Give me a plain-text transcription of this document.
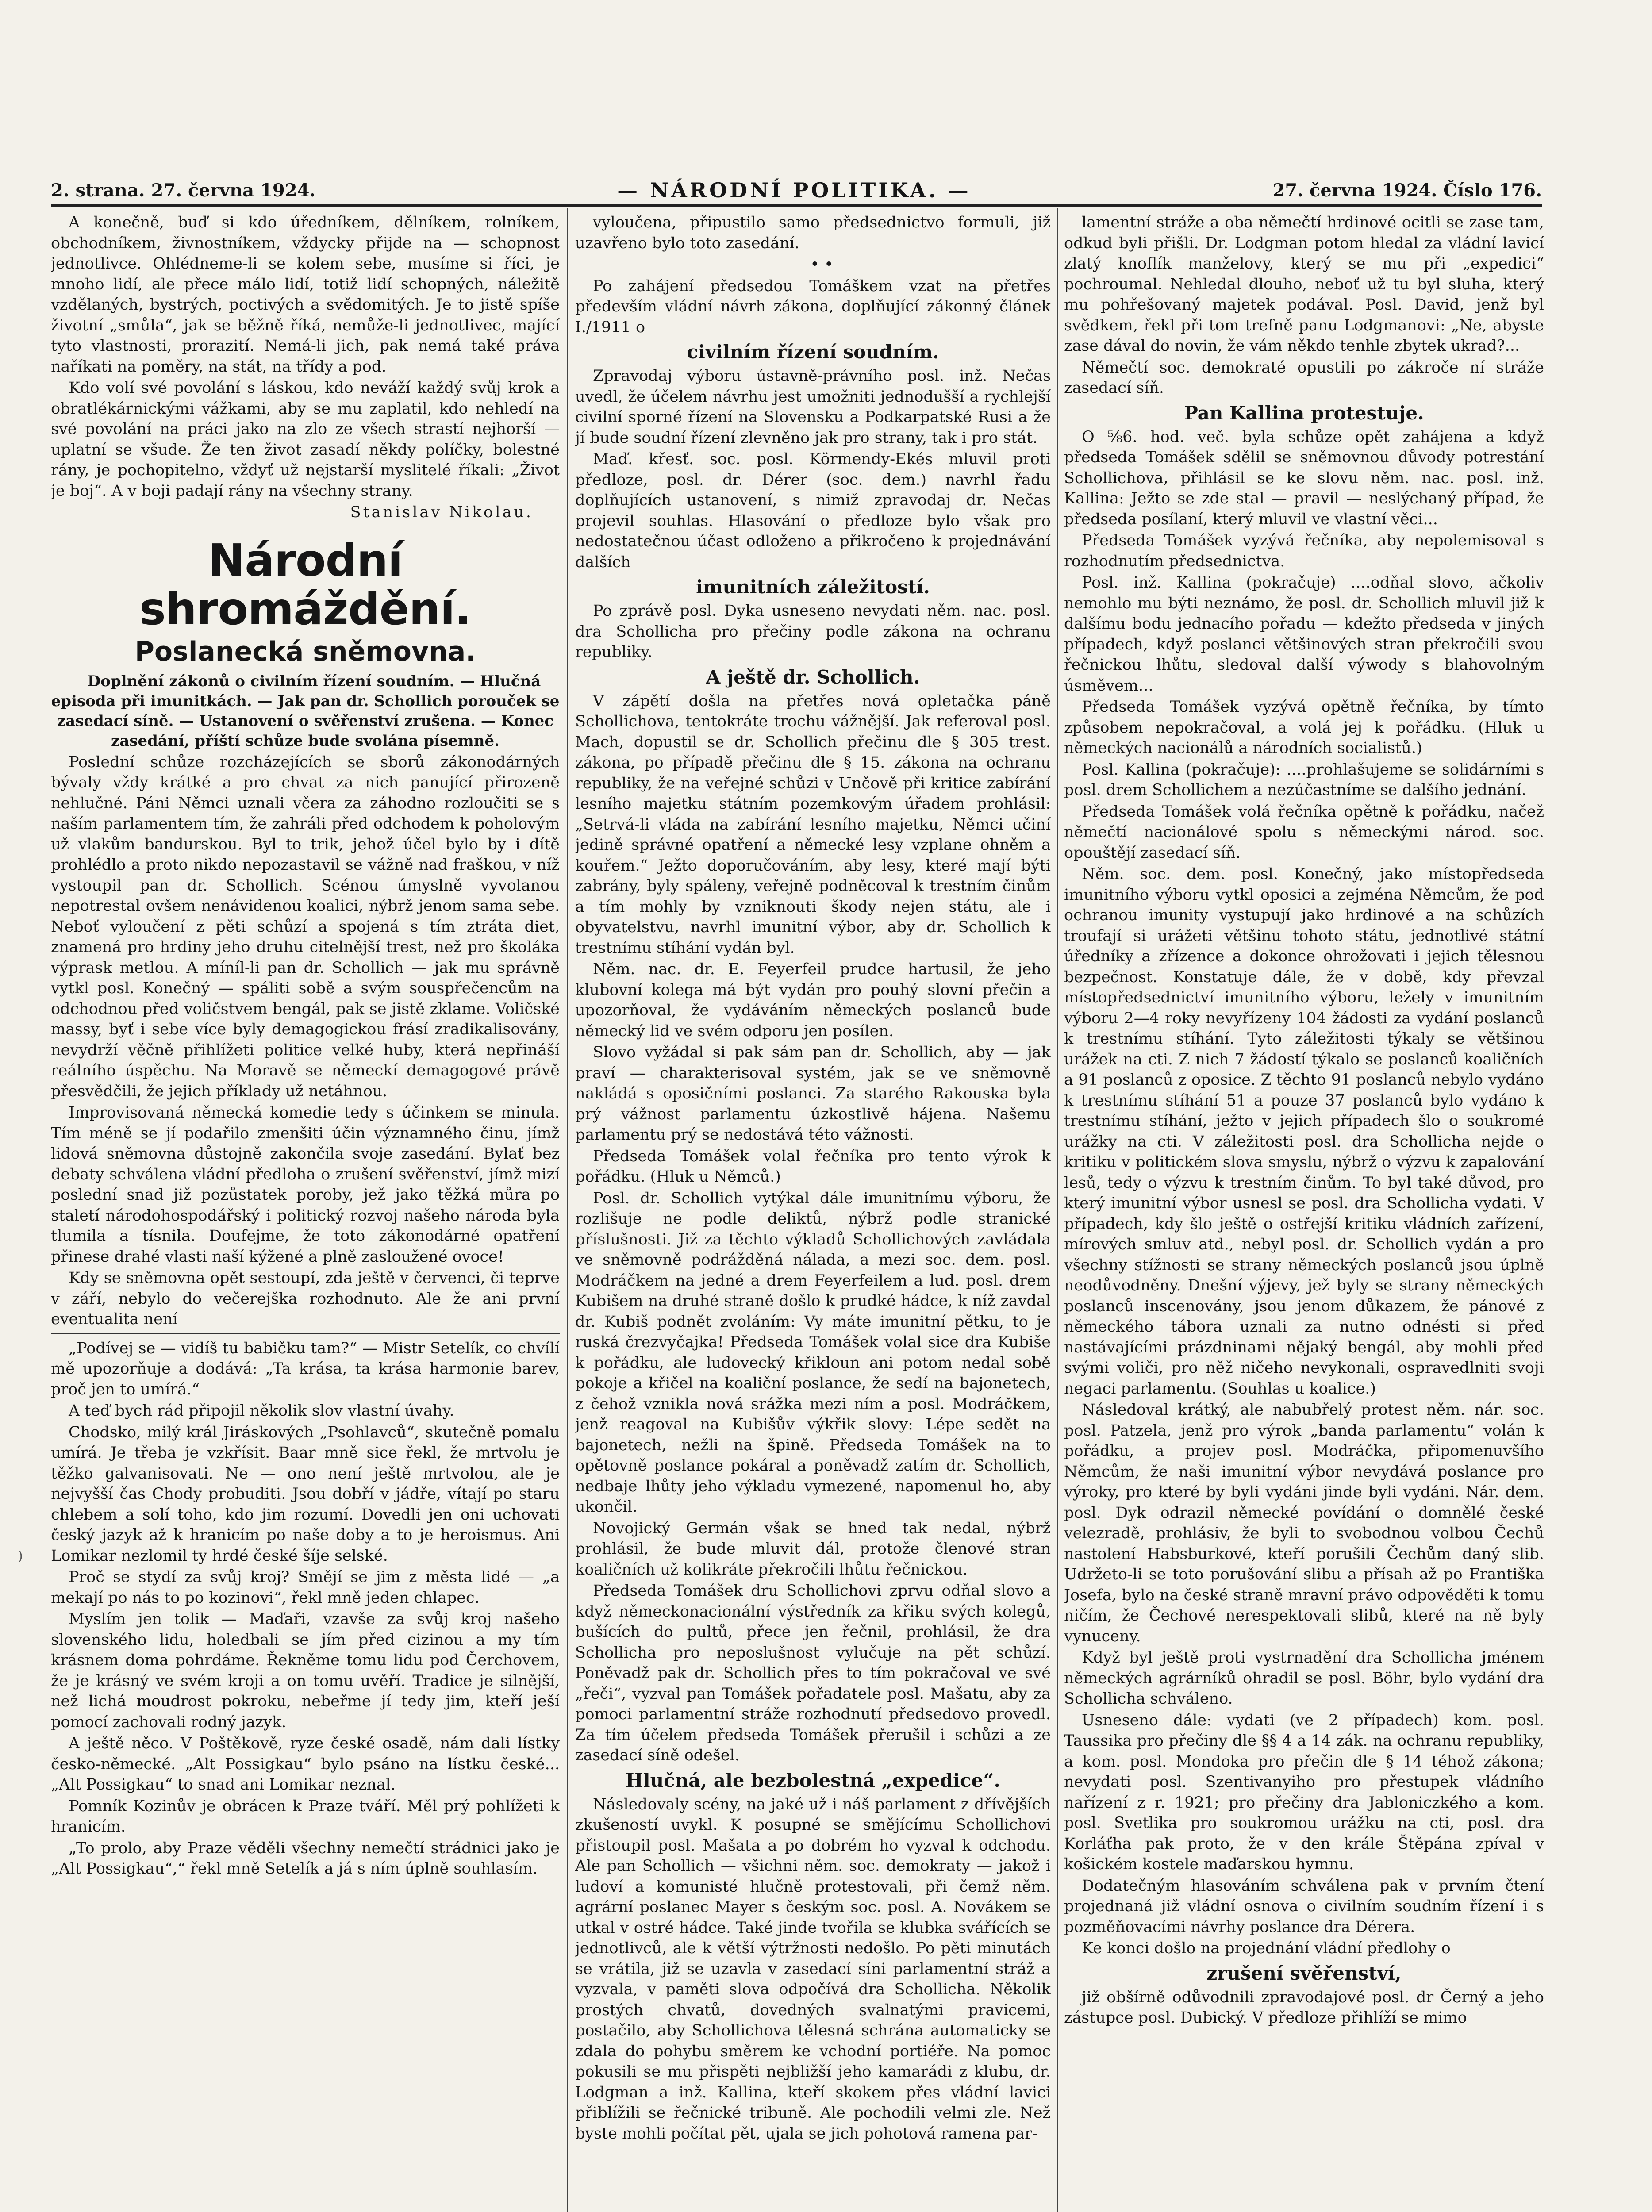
2. strana. 27. června 1924.	— NÁRODNÍ POLITIKA. —	27. června 1924. Číslo 176.
)

A konečně, buď si kdo úředníkem, dělníkem, rolníkem, obchodníkem, živnostníkem, vždycky přijde na — schopnost jednotlivce. Ohlédneme-li se kolem sebe, musíme si říci, je mnoho lidí, ale přece málo lidí, totiž lidí schopných, náležitě vzdělaných, bystrých, poctivých a svědomitých. Je to jistě spíše životní „smůla“, jak se běžně říká, nemůže-li jednotlivec, mající tyto vlastnosti, prorazití. Nemá-li jich, pak nemá také práva naříkati na poměry, na stát, na třídy a pod.

Kdo volí své povolání s láskou, kdo neváží každý svůj krok a obratlékárnickými vážkami, aby se mu zaplatil, kdo nehledí na své povolání na práci jako na zlo ze všech strastí nejhorší — uplatní se všude. Že ten život zasadí někdy políčky, bolestné rány, je pochopitelno, vždyť už nejstarší myslitelé říkali: „Život je boj“. A v boji padají rány na všechny strany.

Stanislav Nikolau.

Národní shromáždění.
Poslanecká sněmovna.

Doplnění zákonů o civilním řízení soudním. — Hlučná episoda při imunitkách. — Jak pan dr. Schollich porouček se zasedací síně. — Ustanovení o svěřenství zrušena. — Konec zasedání, příští schůze bude svolána písemně.

Poslední schůze rozcházejících se sborů zákonodárných bývaly vždy krátké a pro chvat za nich panující přirozeně nehlučné. Páni Němci uznali včera za záhodno rozloučiti se s naším parlamentem tím, že zahráli před odchodem k poholovým už vlakům bandurskou. Byl to trik, jehož účel bylo by i dítě prohlédlo a proto nikdo nepozastavil se vážně nad fraškou, v níž vystoupil pan dr. Schollich. Scénou úmyslně vyvolanou nepotrestal ovšem nenávidenou koalici, nýbrž jenom sama sebe. Neboť vyloučení z pěti schůzí a spojená s tím ztráta diet, znamená pro hrdiny jeho druhu citelnější trest, než pro školáka výprask metlou. A míníl-li pan dr. Schollich — jak mu správně vytkl posl. Konečný — spáliti sobě a svým souspřečencům na odchodnou před voličstvem bengál, pak se jistě zklame. Voličské massy, byť i sebe více byly demagogickou frásí zradikalisovány, nevydrží věčně přihlížeti politice velké huby, která nepřináší reálního úspěchu. Na Moravě se německí demagogové právě přesvědčili, že jejich příklady už netáhnou.

Improvisovaná německá komedie tedy s účinkem se minula. Tím méně se jí podařilo zmenšiti účin významného činu, jímž lidová sněmovna důstojně zakončila svoje zasedání. Bylať bez debaty schválena vládní předloha o zrušení svěřenství, jímž mizí poslední snad již pozůstatek poroby, jež jako těžká můra po staletí národohospodářský i politický rozvoj našeho národa byla tlumila a tísnila. Doufejme, že toto zákonodárné opatření přinese drahé vlasti naší kýžené a plně zasloužené ovoce!

Kdy se sněmovna opět sestoupí, zda ještě v červenci, či teprve v září, nebylo do večerejška rozhodnuto. Ale že ani první eventualita není

„Podívej se — vidíš tu babičku tam?“ — Mistr Setelík, co chvílí mě upozorňuje a dodává: „Ta krása, ta krása harmonie barev, proč jen to umírá.“

A teď bych rád připojil několik slov vlastní úvahy.

Chodsko, milý král Jiráskových „Psohlavců“, skutečně pomalu umírá. Je třeba je vzkřísit. Baar mně sice řekl, že mrtvolu je těžko galvanisovati. Ne — ono není ještě mrtvolou, ale je nejvyšší čas Chody probuditi. Jsou dobří v jádře, vítají po staru chlebem a solí toho, kdo jim rozumí. Dovedli jen oni uchovati český jazyk až k hranicím po naše doby a to je heroismus. Ani Lomikar nezlomil ty hrdé české šíje selské.

Proč se stydí za svůj kroj? Smějí se jim z města lidé — „a mekají po nás to po kozinovi“, řekl mně jeden chlapec.

Myslím jen tolik — Maďaři, vzavše za svůj kroj našeho slovenského lidu, holedbali se jím před cizinou a my tím krásnem doma pohrdáme. Řekněme tomu lidu pod Čerchovem, že je krásný ve svém kroji a on tomu uvěří. Tradice je silnější, než lichá moudrost pokroku, nebeřme jí tedy jim, kteří ješí pomocí zachovali rodný jazyk.

A ještě něco. V Poštěkově, ryze české osadě, nám dali lístky česko-německé. „Alt Possigkau“ bylo psáno na lístku české... „Alt Possigkau“ to snad ani Lomikar neznal.

Pomník Kozinův je obrácen k Praze tváří. Měl prý pohlížeti k hranicím.

„To prolo, aby Praze věděli všechny nemečtí strádnici jako je „Alt Possigkau“,“ řekl mně Setelík a já s ním úplně souhlasím.

vyloučena, připustilo samo předsednictvo formuli, již uzavřeno bylo toto zasedání.

• •

Po zahájení předsedou Tomáškem vzat na přetřes především vládní návrh zákona, doplňující zákonný článek I./1911 o

civilním řízení soudním.

Zpravodaj výboru ústavně-právního posl. inž. Nečas uvedl, že účelem návrhu jest umožniti jednodušší a rychlejší civilní sporné řízení na Slovensku a Podkarpatské Rusi a že jí bude soudní řízení zlevněno jak pro strany, tak i pro stát.

Maď. křesť. soc. posl. Körmendy-Ekés mluvil proti předloze, posl. dr. Dérer (soc. dem.) navrhl řadu doplňujících ustanovení, s nimiž zpravodaj dr. Nečas projevil souhlas. Hlasování o předloze bylo však pro nedostatečnou účast odloženo a přikročeno k projednávání dalších

imunitních záležitostí.

Po zprávě posl. Dyka usneseno nevydati něm. nac. posl. dra Schollicha pro přečiny podle zákona na ochranu republiky.

A ještě dr. Schollich.

V zápětí došla na přetřes nová opletačka páně Schollichova, tentokráte trochu vážnější. Jak referoval posl. Mach, dopustil se dr. Schollich přečinu dle § 305 trest. zákona, po případě přečinu dle § 15. zákona na ochranu republiky, že na veřejné schůzi v Unčově při kritice zabírání lesního majetku státním pozemkovým úřadem prohlásil: „Setrvá-li vláda na zabírání lesního majetku, Němci učiní jedině správné opatření a německé lesy vzplane ohněm a kouřem.“ Ježto doporučováním, aby lesy, které mají býti zabrány, byly spáleny, veřejně podněcoval k trestním činům a tím mohly by vzniknouti škody nejen státu, ale i obyvatelstvu, navrhl imunitní výbor, aby dr. Schollich k trestnímu stíhání vydán byl.

Něm. nac. dr. E. Feyerfeil prudce hartusil, že jeho klubovní kolega má být vydán pro pouhý slovní přečin a upozorňoval, že vydáváním německých poslanců bude německý lid ve svém odporu jen posílen.

Slovo vyžádal si pak sám pan dr. Schollich, aby — jak praví — charakterisoval systém, jak se ve sněmovně nakládá s oposičními poslanci. Za starého Rakouska byla prý vážnost parlamentu úzkostlivě hájena. Našemu parlamentu prý se nedostává této vážnosti.

Předseda Tomášek volal řečníka pro tento výrok k pořádku. (Hluk u Němců.)

Posl. dr. Schollich vytýkal dále imunitnímu výboru, že rozlišuje ne podle deliktů, nýbrž podle stranické příslušnosti. Již za těchto výkladů Schollichových zavládala ve sněmovně podrážděná nálada, a mezi soc. dem. posl. Modráčkem na jedné a drem Feyerfeilem a lud. posl. drem Kubišem na druhé straně došlo k prudké hádce, k níž zavdal dr. Kubiš podnět zvoláním: Vy máte imunitní pětku, to je ruská črezvyčajka! Předseda Tomášek volal sice dra Kubiše k pořádku, ale ludovecký křiklоun ani potom nedal sobě pokoje a křičel na koaliční poslance, že sedí na bajonetech, z čehož vznikla nová srážka mezi ním a posl. Modráčkem, jenž reagoval na Kubišův výkřik slovy: Lépe sedět na bajonetech, nežli na špině. Předseda Tomášek na to opětovně poslance pokáral a poněvadž zatím dr. Schollich, nedbaje lhůty jeho výkladu vymezené, napomenul ho, aby ukončil.

Novojický Germán však se hned tak nedal, nýbrž prohlásil, že bude mluvit dál, protože členové stran koaličních už kolikráte překročili lhůtu řečnickou.

Předseda Tomášek dru Schollichovi zprvu odňal slovo a když německonacionální výstředník za křiku svých kolegů, bušících do pultů, přece jen řečnil, prohlásil, že dra Schollicha pro neposlušnost vylučuje na pět schůzí. Poněvadž pak dr. Schollich přes to tím pokračoval ve své „řeči“, vyzval pan Tomášek pořadatele posl. Mašatu, aby za pomoci parlamentní stráže rozhodnutí předsedovo provedl. Za tím účelem předseda Tomášek přerušil i schůzi a ze zasedací síně odešel.

Hlučná, ale bezbolestná „expedice“.

Následovaly scény, na jaké už i náš parlament z dřívějších zkušeností uvykl. K posupné se smějícímu Schollichovi přistoupil posl. Mašata a po dobrém ho vyzval k odchodu. Ale pan Schollich — všichni něm. soc. demokraty — jakož i ludoví a komunisté hlučně protestovali, při čemž něm. agrární poslanec Mayer s českým soc. posl. A. Novákem se utkal v ostré hádce. Také jinde tvořila se klubka svářících se jednotlivců, ale k větší výtržnosti nedošlo. Po pěti minutách se vrátila, již se uzavla v zasedací síni parlamentní stráž a vyzvala, v paměti slova odpočívá dra Schollicha. Několik prostých chvatů, dovedných svalnatými pravicemi, postačilo, aby Schollichova tělesná schrána automaticky se zdala do pohybu směrem ke vchodní portiéře. Na pomoc pokusili se mu přispěti nejbližší jeho kamarádi z klubu, dr. Lodgman a inž. Kallina, kteří skokem přes vládní lavici přiblížili se řečnické tribuně. Ale pochodili velmi zle. Než byste mohli počítat pět, ujala se jich pohotová ramena par-

lamentní stráže a oba němečtí hrdinové ocitli se zase tam, odkud byli přišli. Dr. Lodgman potom hledal za vládní lavicí zlatý knoflík manželovy, který se mu při „expedici“ pochroumal. Nehledal dlouho, neboť už tu byl sluha, který mu pohřešovaný majetek podával. Posl. David, jenž byl svědkem, řekl při tom trefně panu Lodgmanovi: „Ne, abyste zase dával do novin, že vám někdo tenhle zbytek ukrad?...

Němečtí soc. demokraté opustili po zákroče ní stráže zasedací síň.

Pan Kallina protestuje.

O ⅝6. hod. več. byla schůze opět zahájena a když předseda Tomášek sdělil se sněmovnou důvody potrestání Schollichova, přihlásil se ke slovu něm. nac. posl. inž. Kallina: Ježto se zde stal — pravil — neslýchaný případ, že předseda posílaní, který mluvil ve vlastní věci...

Předseda Tomášek vyzývá řečníka, aby nepolemisoval s rozhodnutím předsednictva.

Posl. inž. Kallina (pokračuje) ....odňal slovo, ačkoliv nemohlo mu býti neznámo, že posl. dr. Schollich mluvil již k dalšímu bodu jednacího pořadu — kdežto předseda v jiných případech, když poslanci většinových stran překročili svou řečnickou lhůtu, sledoval další výwody s blahovolným úsměvem...

Předseda Tomášek vyzývá opětně řečníka, by tímto způsobem nepokračoval, a volá jej k pořádku. (Hluk u německých nacionálů a národních socialistů.)

Posl. Kallina (pokračuje): ....prohlašujeme se solidárními s posl. drem Schollichem a nezúčastníme se dalšího jednání.

Předseda Tomášek volá řečníka opětně k pořádku, načež němečtí nacionálové spolu s německými národ. soc. opouštějí zasedací síň.

Něm. soc. dem. posl. Konečný, jako místopředseda imunitního výboru vytkl oposici a zejména Němcům, že pod ochranou imunity vystupují jako hrdinové a na schůzích troufají si urážeti většinu tohoto státu, jednotlivé státní úředníky a zřízence a dokonce ohrožovati i jejich tělesnou bezpečnost. Konstatuje dále, že v době, kdy převzal místopředsednictví imunitního výboru, ležely v imunitním výboru 2—4 roky nevyřízeny 104 žádosti za vydání poslanců k trestnímu stíhání. Tyto záležitosti týkaly se většinou urážek na cti. Z nich 7 žádostí týkalo se poslanců koaličních a 91 poslanců z oposice. Z těchto 91 poslanců nebylo vydáno k trestnímu stíhání 51 a pouze 37 poslanců bylo vydáno k trestnímu stíhání, ježto v jejich případech šlo o soukromé urážky na cti. V záležitosti posl. dra Schollicha nejde o kritiku v politickém slova smyslu, nýbrž o výzvu k zapalování lesů, tedy o výzvu k trestním činům. To byl také důvod, pro který imunitní výbor usnesl se posl. dra Schollicha vydati. V případech, kdy šlo ještě o ostřejší kritiku vládních zařízení, mírových smluv atd., nebyl posl. dr. Schollich vydán a pro všechny stížnosti se strany německých poslanců jsou úplně neodůvodněny. Dnešní výjevy, jež byly se strany německých poslanců inscenovány, jsou jenom důkazem, že pánové z německého tábora uznali za nutno odnésti si před nastávajícími prázdninami nějaký bengál, aby mohli před svými voliči, pro něž ničeho nevykonali, ospravedlniti svoji negaci parlamentu. (Souhlas u koalice.)

Následoval krátký, ale nabubřelý protest něm. nár. soc. posl. Patzela, jenž pro výrok „banda parlamentu“ volán k pořádku, a projev posl. Modráčka, připomenuvšího Němcům, že naši imunitní výbor nevydává poslance pro výroky, pro které by byli vydáni jinde byli vydáni. Nár. dem. posl. Dyk odrazil německé povídání o domnělé české velezradě, prohlásiv, že byli to svobodnou volbou Čechů nastolení Habsburkové, kteří porušili Čechům daný slib. Udržeto-li se toto porušování slibu a přísah až po Františka Josefa, bylo na české straně mravní právo odpověděti k tomu ničím, že Čechové nerespektovali slibů, které na ně byly vynuceny.

Když byl ještě proti vystrnadění dra Schollicha jménem německých agrárníků ohradil se posl. Böhr, bylo vydání dra Schollicha schváleno.

Usneseno dále: vydati (ve 2 případech) kom. posl. Taussika pro přečiny dle §§ 4 a 14 zák. na ochranu republiky, a kom. posl. Mondoka pro přečin dle § 14 téhož zákona; nevydati posl. Szentivanyiho pro přestupek vládního nařízení z r. 1921; pro přečiny dra Jabloniczkého a kom. posl. Svetlika pro soukromou urážku na cti, posl. dra Korláťha pak proto, že v den krále Štěpána zpíval v košickém kostele maďarskou hymnu.

Dodatečným hlasováním schválena pak v prvním čtení projednaná již vládní osnova o civilním soudním řízení i s pozměňovacími návrhy poslance dra Dérera.

Ke konci došlo na projednání vládní předlohy o

zrušení svěřenství,

již obšírně odůvodnili zpravodajové posl. dr Černý a jeho zástupce posl. Dubický. V předloze přihlíží se mimo
